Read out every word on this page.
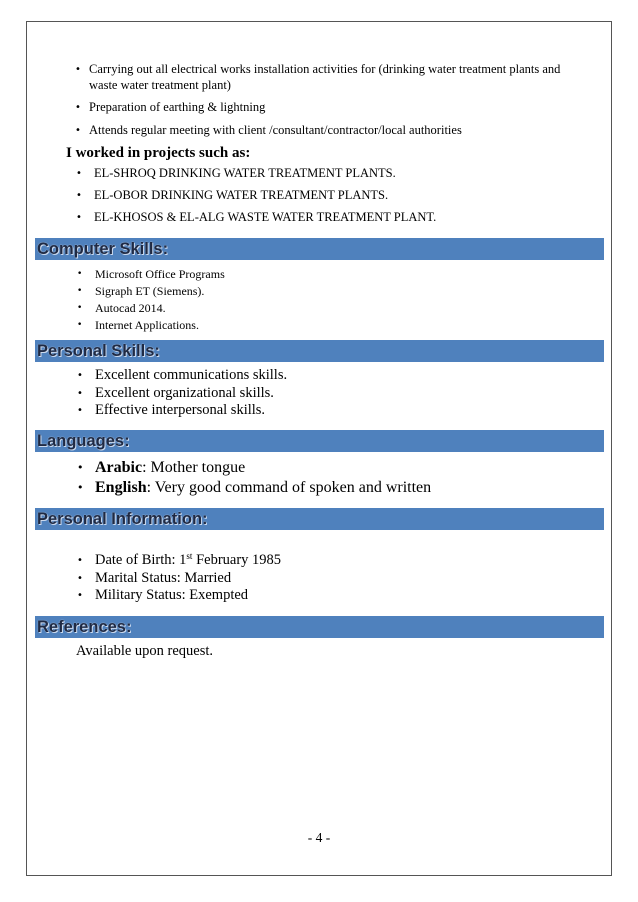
• Carrying out all electrical works installation activities for (drinking water treatment plants and waste water treatment plant)
• Preparation of earthing & lightning
• Attends regular meeting with client /consultant/contractor/local authorities
I worked in projects such as:
• EL-SHROQ DRINKING WATER TREATMENT PLANTS.
• EL-OBOR DRINKING WATER TREATMENT PLANTS.
• EL-KHOSOS & EL-ALG WASTE WATER TREATMENT PLANT.
Computer Skills:
• Microsoft Office Programs
• Sigraph ET (Siemens).
• Autocad 2014.
• Internet Applications.
Personal Skills:
• Excellent communications skills.
• Excellent organizational skills.
• Effective interpersonal skills.
Languages:
• Arabic: Mother tongue
• English: Very good command of spoken and written
Personal Information:
• Date of Birth: 1st February 1985
• Marital Status: Married
• Military Status: Exempted
References:
Available upon request.
- 4 -
